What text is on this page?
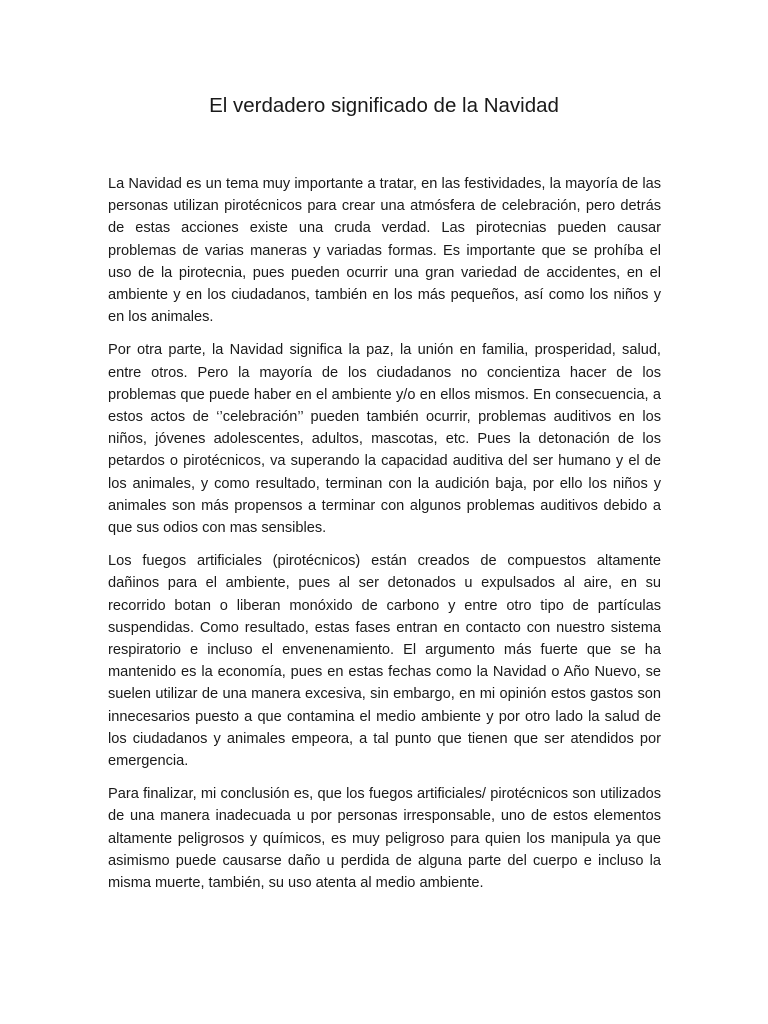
El verdadero significado de la Navidad

La Navidad es un tema muy importante a tratar, en las festividades, la mayoría de las personas utilizan pirotécnicos para crear una atmósfera de celebración, pero detrás de estas acciones existe una cruda verdad. Las pirotecnias pueden causar problemas de varias maneras y variadas formas. Es importante que se prohíba el uso de la pirotecnia, pues pueden ocurrir una gran variedad de accidentes, en el ambiente y en los ciudadanos, también en los más pequeños, así como los niños y en los animales.

Por otra parte, la Navidad significa la paz, la unión en familia, prosperidad, salud, entre otros. Pero la mayoría de los ciudadanos no concientiza hacer de los problemas que puede haber en el ambiente y/o en ellos mismos. En consecuencia, a estos actos de ‘’celebración’’ pueden también ocurrir, problemas auditivos en los niños, jóvenes adolescentes, adultos, mascotas, etc. Pues la detonación de los petardos o pirotécnicos, va superando la capacidad auditiva del ser humano y el de los animales, y como resultado, terminan con la audición baja, por ello los niños y animales son más propensos a terminar con algunos problemas auditivos debido a que sus odios con mas sensibles.

Los fuegos artificiales (pirotécnicos) están creados de compuestos altamente dañinos para el ambiente, pues al ser detonados u expulsados al aire, en su recorrido botan o liberan monóxido de carbono y entre otro tipo de partículas suspendidas. Como resultado, estas fases entran en contacto con nuestro sistema respiratorio e incluso el envenenamiento. El argumento más fuerte que se ha mantenido es la economía, pues en estas fechas como la Navidad o Año Nuevo, se suelen utilizar de una manera excesiva, sin embargo, en mi opinión estos gastos son innecesarios puesto a que contamina el medio ambiente y por otro lado la salud de los ciudadanos y animales empeora, a tal punto que tienen que ser atendidos por emergencia.

Para finalizar, mi conclusión es, que los fuegos artificiales/ pirotécnicos son utilizados de una manera inadecuada u por personas irresponsable, uno de estos elementos altamente peligrosos y químicos, es muy peligroso para quien los manipula ya que asimismo puede causarse daño u perdida de alguna parte del cuerpo e incluso la misma muerte, también, su uso atenta al medio ambiente.
